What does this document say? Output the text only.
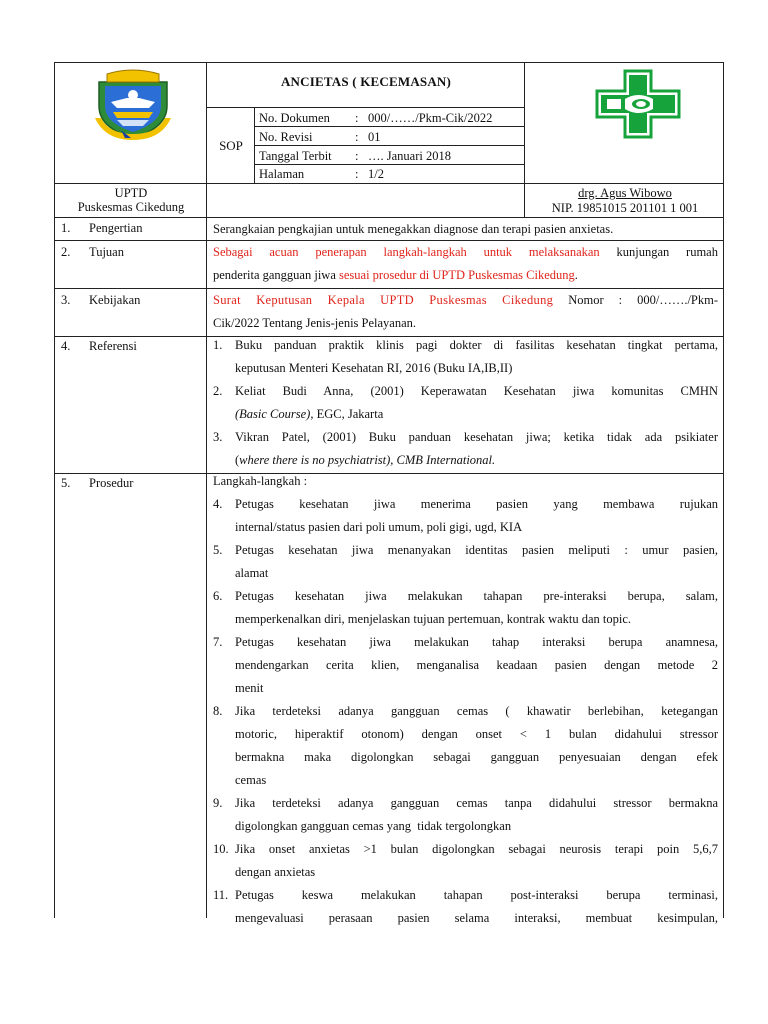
ANCIETAS ( KECEMASAN)
SOP
No. Dokumen : 000/……/Pkm-Cik/2022
No. Revisi	: 01
Tanggal Terbit : …. Januari 2018
Halaman	: 1/2
UPTD
Puskesmas Cikedung
drg. Agus Wibowo
NIP. 19851015 201101 1 001
1. Pengertian	Serangkaian pengkajian untuk menegakkan diagnose dan terapi pasien anxietas.
2. Tujuan	Sebagai acuan penerapan langkah-langkah untuk melaksanakan kunjungan rumah
penderita gangguan jiwa sesuai prosedur di UPTD Puskesmas Cikedung.
3. Kebijakan	Surat Keputusan Kepala UPTD Puskesmas Cikedung Nomor : 000/……./Pkm-
Cik/2022 Tentang Jenis-jenis Pelayanan.
4. Referensi	1. Buku panduan praktik klinis pagi dokter di fasilitas kesehatan tingkat pertama,
keputusan Menteri Kesehatan RI, 2016 (Buku IA,IB,II)
2. Keliat Budi Anna, (2001) Keperawatan Kesehatan jiwa komunitas CMHN
(Basic Course), EGC, Jakarta
3. Vikran Patel, (2001) Buku panduan kesehatan jiwa; ketika tidak ada psikiater
(where there is no psychiatrist), CMB International.
5. Prosedur	Langkah-langkah :
4. Petugas kesehatan jiwa menerima pasien yang membawa rujukan
internal/status pasien dari poli umum, poli gigi, ugd, KIA
5. Petugas kesehatan jiwa menanyakan identitas pasien meliputi : umur pasien,
alamat
6. Petugas kesehatan jiwa melakukan tahapan pre-interaksi berupa, salam,
memperkenalkan diri, menjelaskan tujuan pertemuan, kontrak waktu dan topic.
7. Petugas kesehatan jiwa melakukan tahap interaksi berupa anamnesa,
mendengarkan cerita klien, menganalisa keadaan pasien dengan metode 2
menit
8. Jika terdeteksi adanya gangguan cemas ( khawatir berlebihan, ketegangan
motoric, hiperaktif otonom) dengan onset < 1 bulan didahului stressor
bermakna maka digolongkan sebagai gangguan penyesuaian dengan efek
cemas
9. Jika terdeteksi adanya gangguan cemas tanpa didahului stressor bermakna
digolongkan gangguan cemas yang  tidak tergolongkan
10. Jika onset anxietas >1 bulan digolongkan sebagai neurosis terapi poin 5,6,7
dengan anxietas
11. Petugas keswa melakukan tahapan post-interaksi berupa terminasi,
mengevaluasi perasaan pasien selama interaksi, membuat kesimpulan,
